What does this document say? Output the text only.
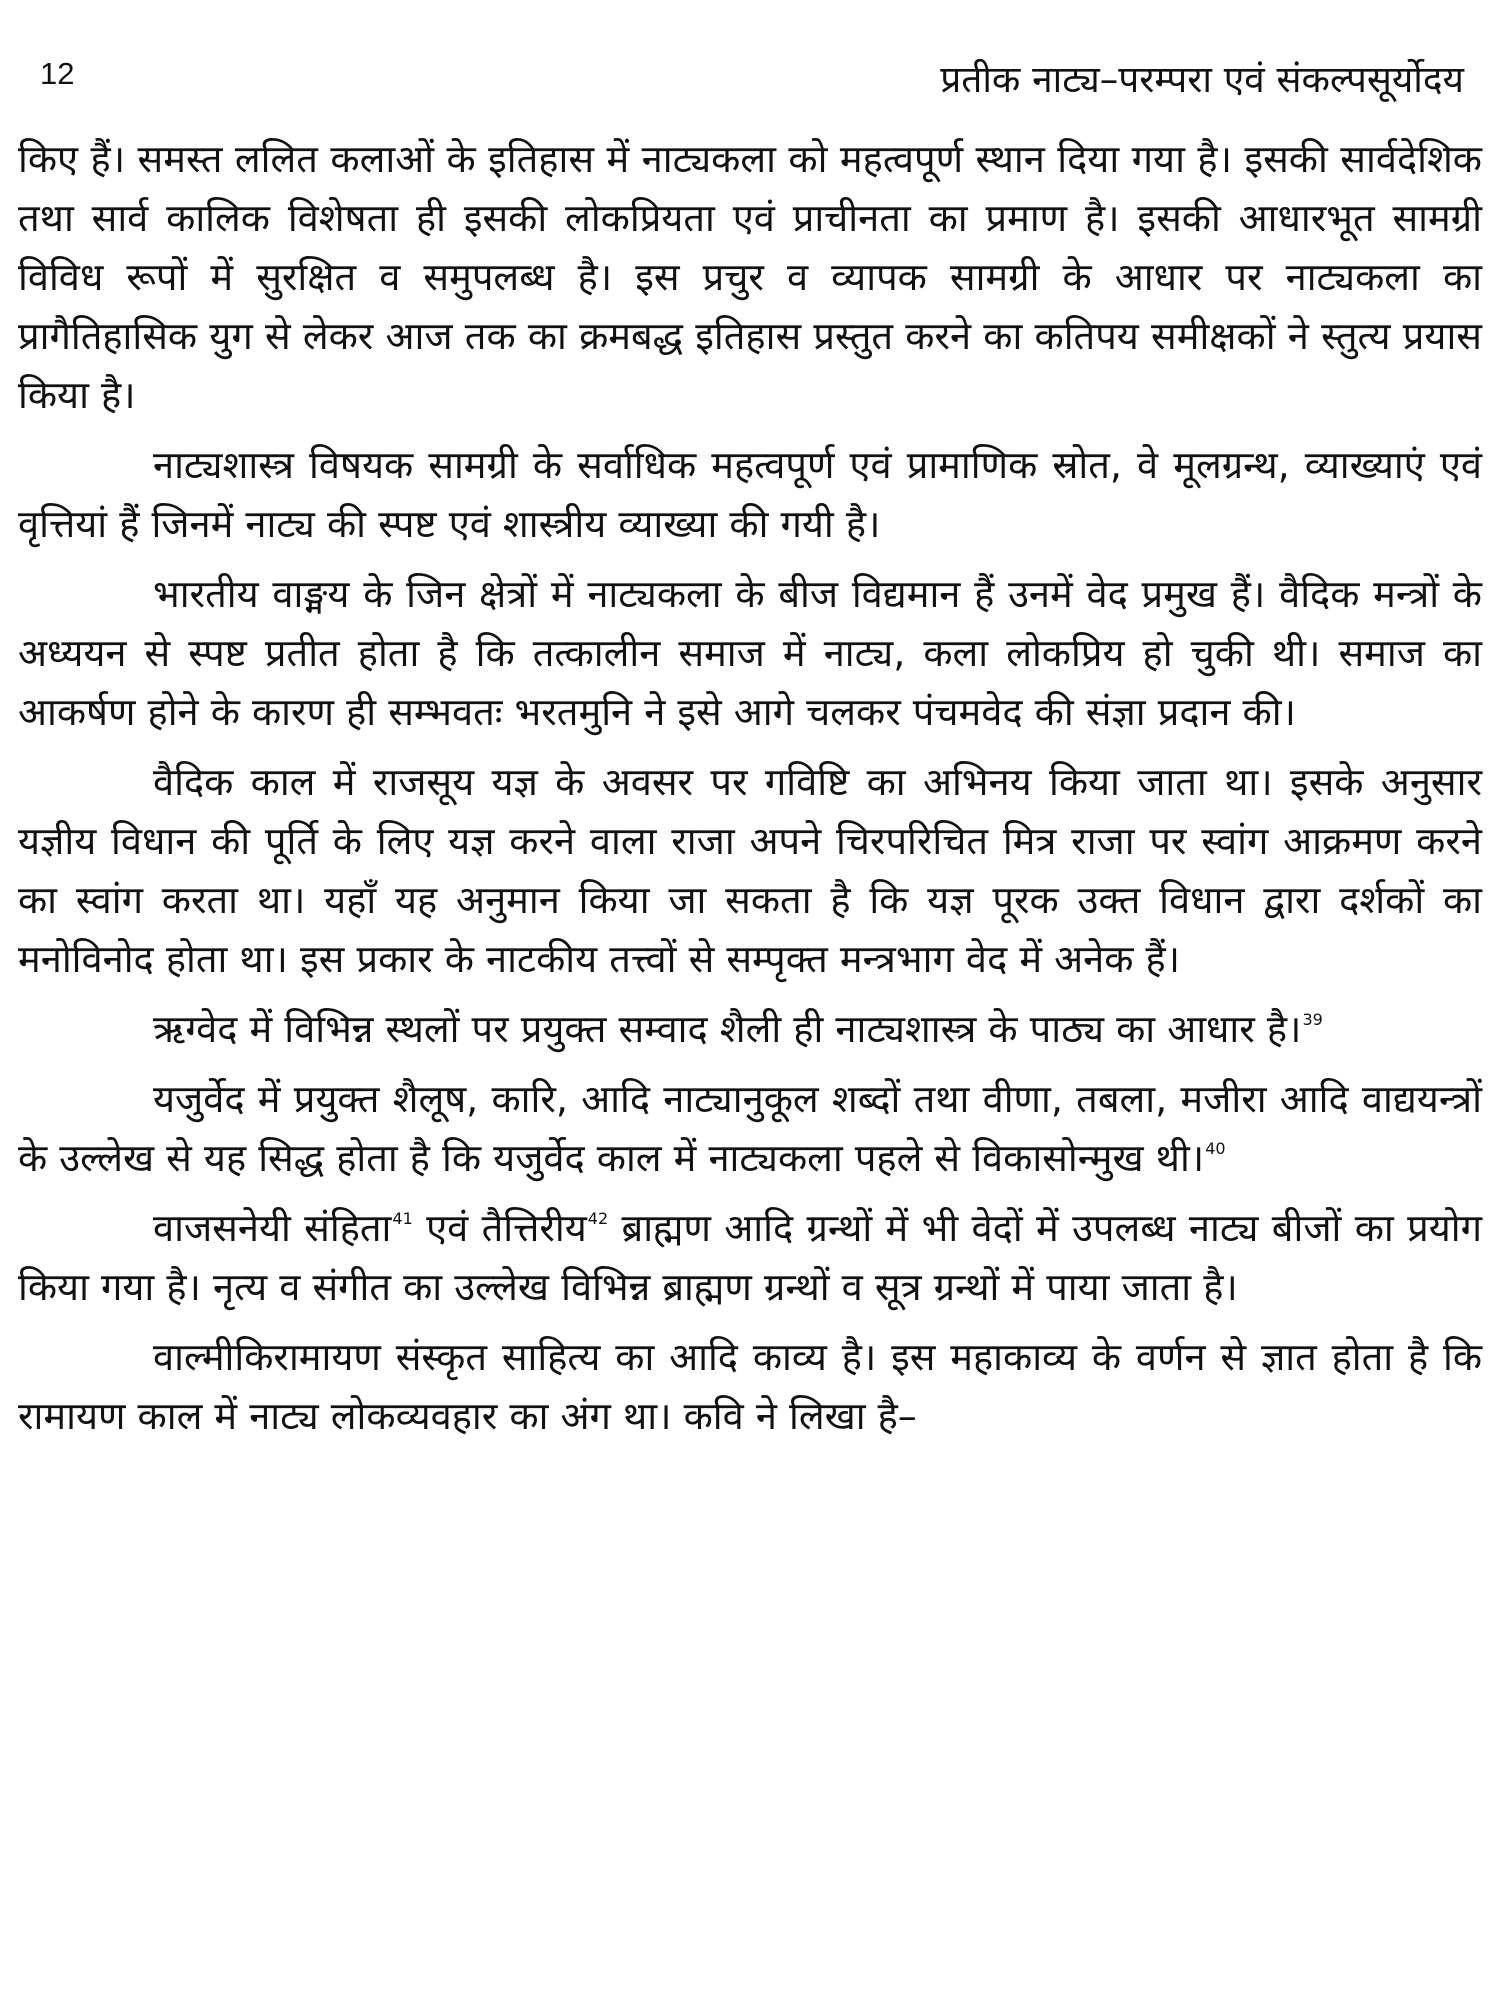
12	प्रतीक नाट्य–परम्परा एवं संकल्पसूर्योदय

किए हैं। समस्त ललित कलाओं के इतिहास में नाट्यकला को महत्वपूर्ण स्थान दिया गया है। इसकी सार्वदेशिक तथा सार्व कालिक विशेषता ही इसकी लोकप्रियता एवं प्राचीनता का प्रमाण है। इसकी आधारभूत सामग्री विविध रूपों में सुरक्षित व समुपलब्ध है। इस प्रचुर व व्यापक सामग्री के आधार पर नाट्यकला का प्रागैतिहासिक युग से लेकर आज तक का क्रमबद्ध इतिहास प्रस्तुत करने का कतिपय समीक्षकों ने स्तुत्य प्रयास किया है।

नाट्यशास्त्र विषयक सामग्री के सर्वाधिक महत्वपूर्ण एवं प्रामाणिक स्रोत, वे मूलग्रन्थ, व्याख्याएं एवं वृत्तियां हैं जिनमें नाट्य की स्पष्ट एवं शास्त्रीय व्याख्या की गयी है।

भारतीय वाङ्मय के जिन क्षेत्रों में नाट्यकला के बीज विद्यमान हैं उनमें वेद प्रमुख हैं। वैदिक मन्त्रों के अध्ययन से स्पष्ट प्रतीत होता है कि तत्कालीन समाज में नाट्य, कला लोकप्रिय हो चुकी थी। समाज का आकर्षण होने के कारण ही सम्भवतः भरतमुनि ने इसे आगे चलकर पंचमवेद की संज्ञा प्रदान की।

वैदिक काल में राजसूय यज्ञ के अवसर पर गविष्टि का अभिनय किया जाता था। इसके अनुसार यज्ञीय विधान की पूर्ति के लिए यज्ञ करने वाला राजा अपने चिरपरिचित मित्र राजा पर स्वांग आक्रमण करने का स्वांग करता था। यहाँ यह अनुमान किया जा सकता है कि यज्ञ पूरक उक्त विधान द्वारा दर्शकों का मनोविनोद होता था। इस प्रकार के नाटकीय तत्त्वों से सम्पृक्त मन्त्रभाग वेद में अनेक हैं।

ऋग्वेद में विभिन्न स्थलों पर प्रयुक्त सम्वाद शैली ही नाट्यशास्त्र के पाठ्य का आधार है।$^{39}$

यजुर्वेद में प्रयुक्त शैलूष, कारि, आदि नाट्यानुकूल शब्दों तथा वीणा, तबला, मजीरा आदि वाद्ययन्त्रों के उल्लेख से यह सिद्ध होता है कि यजुर्वेद काल में नाट्यकला पहले से विकासोन्मुख थी।$^{40}$

वाजसनेयी संहिता$^{41}$ एवं तैत्तिरीय$^{42}$ ब्राह्मण आदि ग्रन्थों में भी वेदों में उपलब्ध नाट्य बीजों का प्रयोग किया गया है। नृत्य व संगीत का उल्लेख विभिन्न ब्राह्मण ग्रन्थों व सूत्र ग्रन्थों में पाया जाता है।

वाल्मीकिरामायण संस्कृत साहित्य का आदि काव्य है। इस महाकाव्य के वर्णन से ज्ञात होता है कि रामायण काल में नाट्य लोकव्यवहार का अंग था। कवि ने लिखा है–
